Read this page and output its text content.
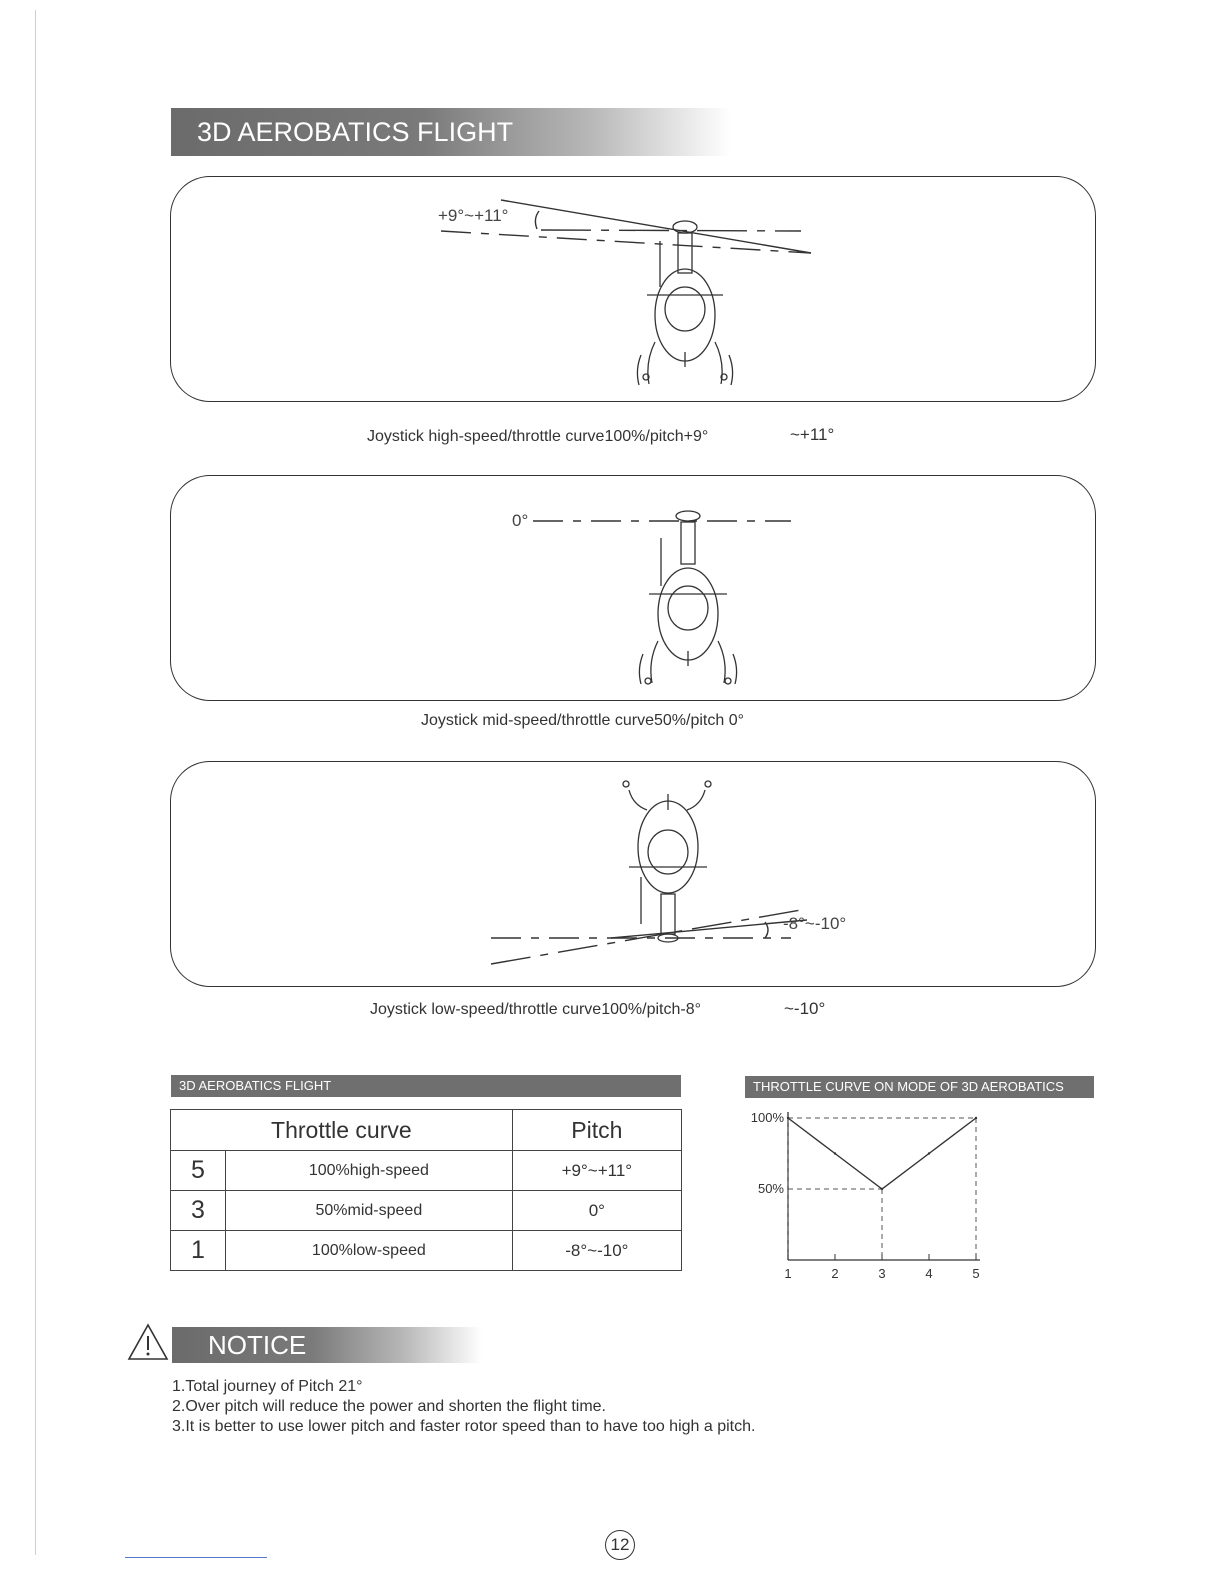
3D AEROBATICS FLIGHT
+9°~+11°
Joystick high-speed/throttle curve100%/pitch+9°	~+11°
0°
Joystick mid-speed/throttle curve50%/pitch 0°
-8°~-10°
Joystick low-speed/throttle curve100%/pitch-8°	~-10°
3D AEROBATICS FLIGHT
Throttle curve		Pitch
5	100%high-speed	+9°~+11°
3	50%mid-speed	0°
1	100%low-speed	-8°~-10°
THROTTLE CURVE ON MODE OF 3D AEROBATICS
50%
100%
1	2	3	4	5
NOTICE
1.Total journey of Pitch 21°
2.Over pitch will reduce the power and shorten the flight time.
3.It is better to use lower pitch and faster rotor speed than to have too high a pitch.
12
